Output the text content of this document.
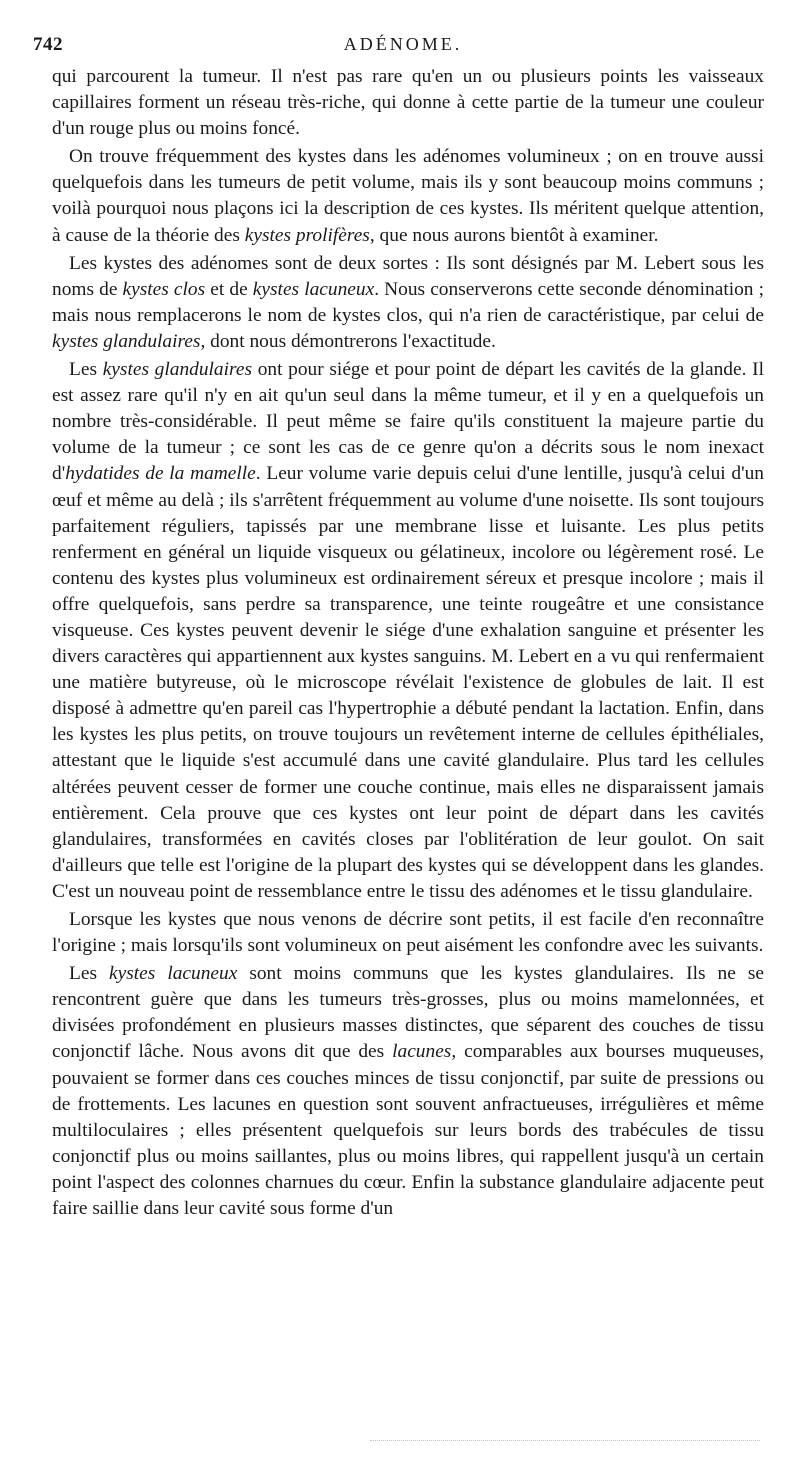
742	ADÉNOME.

qui parcourent la tumeur. Il n'est pas rare qu'en un ou plusieurs points les vaisseaux capillaires forment un réseau très-riche, qui donne à cette partie de la tumeur une couleur d'un rouge plus ou moins foncé.

On trouve fréquemment des kystes dans les adénomes volumineux ; on en trouve aussi quelquefois dans les tumeurs de petit volume, mais ils y sont beaucoup moins communs ; voilà pourquoi nous plaçons ici la description de ces kystes. Ils méritent quelque attention, à cause de la théorie des kystes prolifères, que nous aurons bientôt à examiner.

Les kystes des adénomes sont de deux sortes : Ils sont désignés par M. Lebert sous les noms de kystes clos et de kystes lacuneux. Nous conserverons cette seconde dénomination ; mais nous remplacerons le nom de kystes clos, qui n'a rien de caractéristique, par celui de kystes glandulaires, dont nous démontrerons l'exactitude.

Les kystes glandulaires ont pour siége et pour point de départ les cavités de la glande. Il est assez rare qu'il n'y en ait qu'un seul dans la même tumeur, et il y en a quelquefois un nombre très-considérable. Il peut même se faire qu'ils constituent la majeure partie du volume de la tumeur ; ce sont les cas de ce genre qu'on a décrits sous le nom inexact d'hydatides de la mamelle. Leur volume varie depuis celui d'une lentille, jusqu'à celui d'un œuf et même au delà ; ils s'arrêtent fréquemment au volume d'une noisette. Ils sont toujours parfaitement réguliers, tapissés par une membrane lisse et luisante. Les plus petits renferment en général un liquide visqueux ou gélatineux, incolore ou légèrement rosé. Le contenu des kystes plus volumineux est ordinairement séreux et presque incolore ; mais il offre quelquefois, sans perdre sa transparence, une teinte rougeâtre et une consistance visqueuse. Ces kystes peuvent devenir le siége d'une exhalation sanguine et présenter les divers caractères qui appartiennent aux kystes sanguins. M. Lebert en a vu qui renfermaient une matière butyreuse, où le microscope révélait l'existence de globules de lait. Il est disposé à admettre qu'en pareil cas l'hypertrophie a débuté pendant la lactation. Enfin, dans les kystes les plus petits, on trouve toujours un revêtement interne de cellules épithéliales, attestant que le liquide s'est accumulé dans une cavité glandulaire. Plus tard les cellules altérées peuvent cesser de former une couche continue, mais elles ne disparaissent jamais entièrement. Cela prouve que ces kystes ont leur point de départ dans les cavités glandulaires, transformées en cavités closes par l'oblitération de leur goulot. On sait d'ailleurs que telle est l'origine de la plupart des kystes qui se développent dans les glandes. C'est un nouveau point de ressemblance entre le tissu des adénomes et le tissu glandulaire.

Lorsque les kystes que nous venons de décrire sont petits, il est facile d'en reconnaître l'origine ; mais lorsqu'ils sont volumineux on peut aisément les confondre avec les suivants.

Les kystes lacuneux sont moins communs que les kystes glandulaires. Ils ne se rencontrent guère que dans les tumeurs très-grosses, plus ou moins mamelonnées, et divisées profondément en plusieurs masses distinctes, que séparent des couches de tissu conjonctif lâche. Nous avons dit que des lacunes, comparables aux bourses muqueuses, pouvaient se former dans ces couches minces de tissu conjonctif, par suite de pressions ou de frottements. Les lacunes en question sont souvent anfractueuses, irrégulières et même multiloculaires ; elles présentent quelquefois sur leurs bords des trabécules de tissu conjonctif plus ou moins saillantes, plus ou moins libres, qui rappellent jusqu'à un certain point l'aspect des colonnes charnues du cœur. Enfin la substance glandulaire adjacente peut faire saillie dans leur cavité sous forme d'un
